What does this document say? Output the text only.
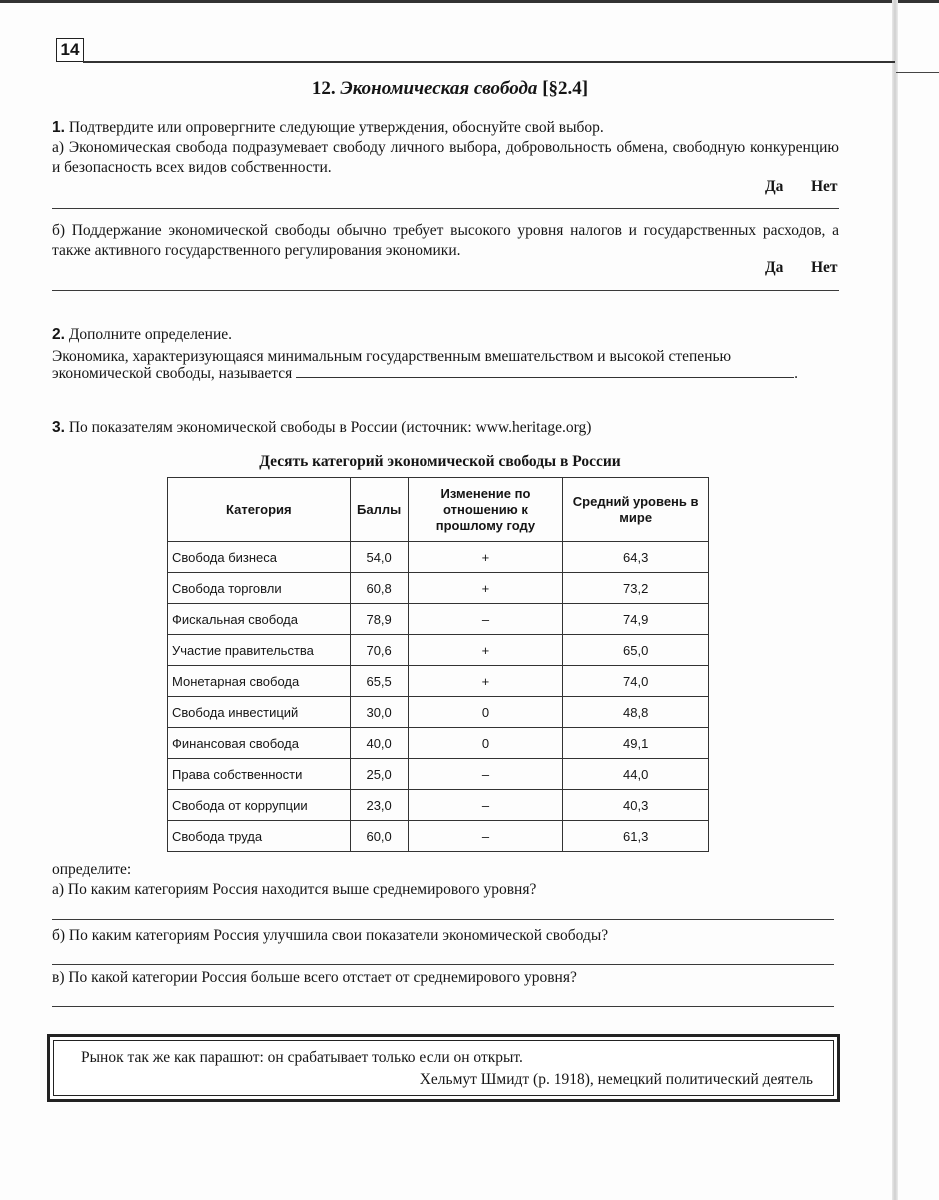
14
12. Экономическая свобода [§2.4]
1. Подтвердите или опровергните следующие утверждения, обоснуйте свой выбор.
а) Экономическая свобода подразумевает свободу личного выбора, добровольность обмена, свободную конкуренцию и безопасность всех видов собственности.
Да Нет
б) Поддержание экономической свободы обычно требует высокого уровня налогов и государственных расходов, а также активного государственного регулирования экономики.
Да Нет
2. Дополните определение.
Экономика, характеризующаяся минимальным государственным вмешательством и высокой степенью
экономической свободы, называется	.
3. По показателям экономической свободы в России (источник: www.heritage.org)
Десять категорий экономической свободы в России
Категория	Баллы	Изменение по отношению к прошлому году	Средний уровень в мире
Свобода бизнеса	54,0	+	64,3
Свобода торговли	60,8	+	73,2
Фискальная свобода	78,9	–	74,9
Участие правительства	70,6	+	65,0
Монетарная свобода	65,5	+	74,0
Свобода инвестиций	30,0	0	48,8
Финансовая свобода	40,0	0	49,1
Права собственности	25,0	–	44,0
Свобода от коррупции	23,0	–	40,3
Свобода труда	60,0	–	61,3
определите:
а) По каким категориям Россия находится выше среднемирового уровня?
б) По каким категориям Россия улучшила свои показатели экономической свободы?
в) По какой категории Россия больше всего отстает от среднемирового уровня?
Рынок так же как парашют: он срабатывает только если он открыт.
Хельмут Шмидт (р. 1918), немецкий политический деятель
